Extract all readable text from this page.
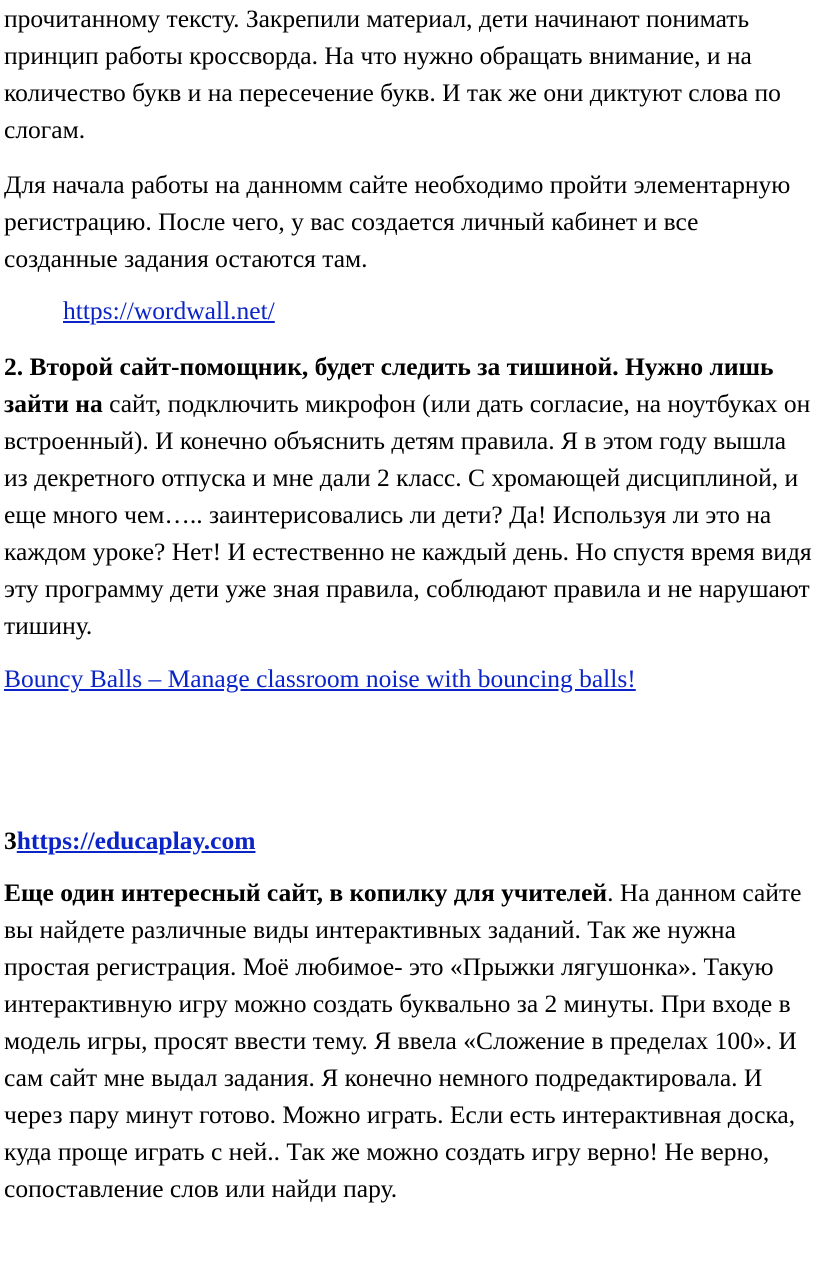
прочитанному тексту. Закрепили материал, дети начинают понимать принцип работы кроссворда. На что нужно обращать внимание, и на количество букв и на пересечение букв. И так же они диктуют слова по слогам.

Для начала работы на данномм сайте необходимо пройти элементарную регистрацию. После чего, у вас создается личный кабинет и все созданные задания остаются там.

https://wordwall.net/

2. Второй сайт-помощник, будет следить за тишиной. Нужно лишь зайти на сайт, подключить микрофон (или дать согласие, на ноутбуках он встроенный). И конечно объяснить детям правила. Я в этом году вышла из декретного отпуска и мне дали 2 класс. С хромающей дисциплиной, и еще много чем….. заинтерисовались ли дети? Да! Используя ли это на каждом уроке? Нет! И естественно не каждый день. Но спустя время видя эту программу дети уже зная правила, соблюдают правила и не нарушают тишину.

Bouncy Balls – Manage classroom noise with bouncing balls!

3https://educaplay.com

Еще один интересный сайт, в копилку для учителей. На данном сайте вы найдете различные виды интерактивных заданий. Так же нужна простая регистрация. Моё любимое- это «Прыжки лягушонка». Такую интерактивную игру можно создать буквально за 2 минуты. При входе в модель игры, просят ввести тему. Я ввела «Сложение в пределах 100». И сам сайт мне выдал задания. Я конечно немного подредактировала. И через пару минут готово. Можно играть. Если есть интерактивная доска, куда проще играть с ней.. Так же можно создать игру верно! Не верно, сопоставление слов или найди пару.
